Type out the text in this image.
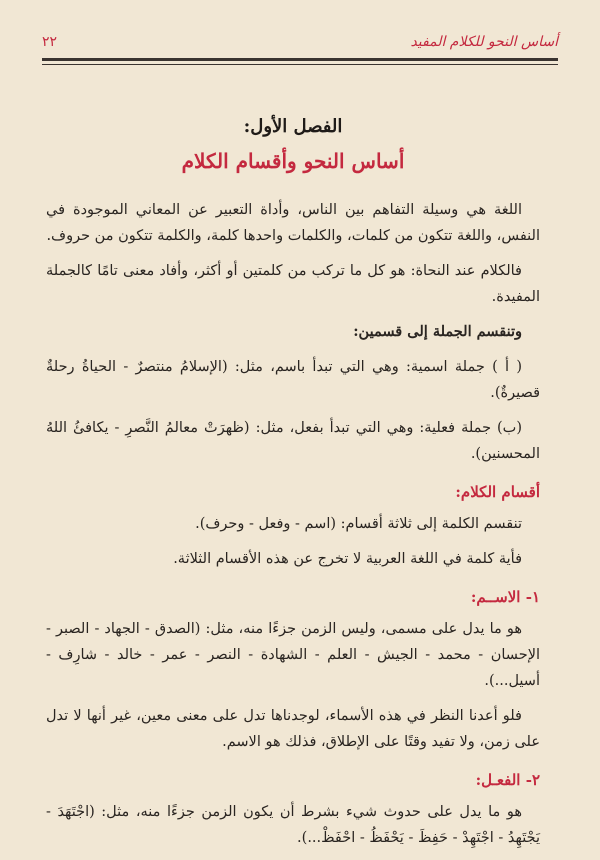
أساس النحو للكلام المفيد
٢٢
الفصل الأول:
أساس النحو وأقسام الكلام

اللغة هي وسيلة التفاهم بين الناس، وأداة التعبير عن المعاني الموجودة في النفس، واللغة تتكون من كلمات، والكلمات واحدها كلمة، والكلمة تتكون من حروف.

فالكلام عند النحاة: هو كل ما تركب من كلمتين أو أكثر، وأفاد معنى تامًا كالجملة المفيدة.

وتنقسم الجملة إلى قسمين:

( أ ) جملة اسمية: وهي التي تبدأ باسم، مثل: (الإسلامُ منتصرٌ - الحياةُ رحلةٌ قصيرةٌ).

(ب) جملة فعلية: وهي التي تبدأ بفعل، مثل: (ظهرَتْ معالمُ النَّصرِ - يكافئُ اللهُ المحسنين).

أقسام الكلام:

تنقسم الكلمة إلى ثلاثة أقسام: (اسم - وفعل - وحرف).

فأية كلمة في اللغة العربية لا تخرج عن هذه الأقسام الثلاثة.

١- الاســم:

هو ما يدل على مسمى، وليس الزمن جزءًا منه، مثل: (الصدق - الجهاد - الصبر - الإحسان - محمد - الجيش - العلم - الشهادة - النصر - عمر - خالد - شارِف - أسيل...).

فلو أعدنا النظر في هذه الأسماء، لوجدناها تدل على معنى معين، غير أنها لا تدل على زمن، ولا تفيد وقتًا على الإطلاق، فذلك هو الاسم.

٢- الفعـل:

هو ما يدل على حدوث شيء بشرط أن يكون الزمن جزءًا منه، مثل: (اجْتَهَدَ - يَجْتَهِدُ - اجْتَهِدْ - حَفِظَ - يَحْفَظُ - احْفَظْ...).
